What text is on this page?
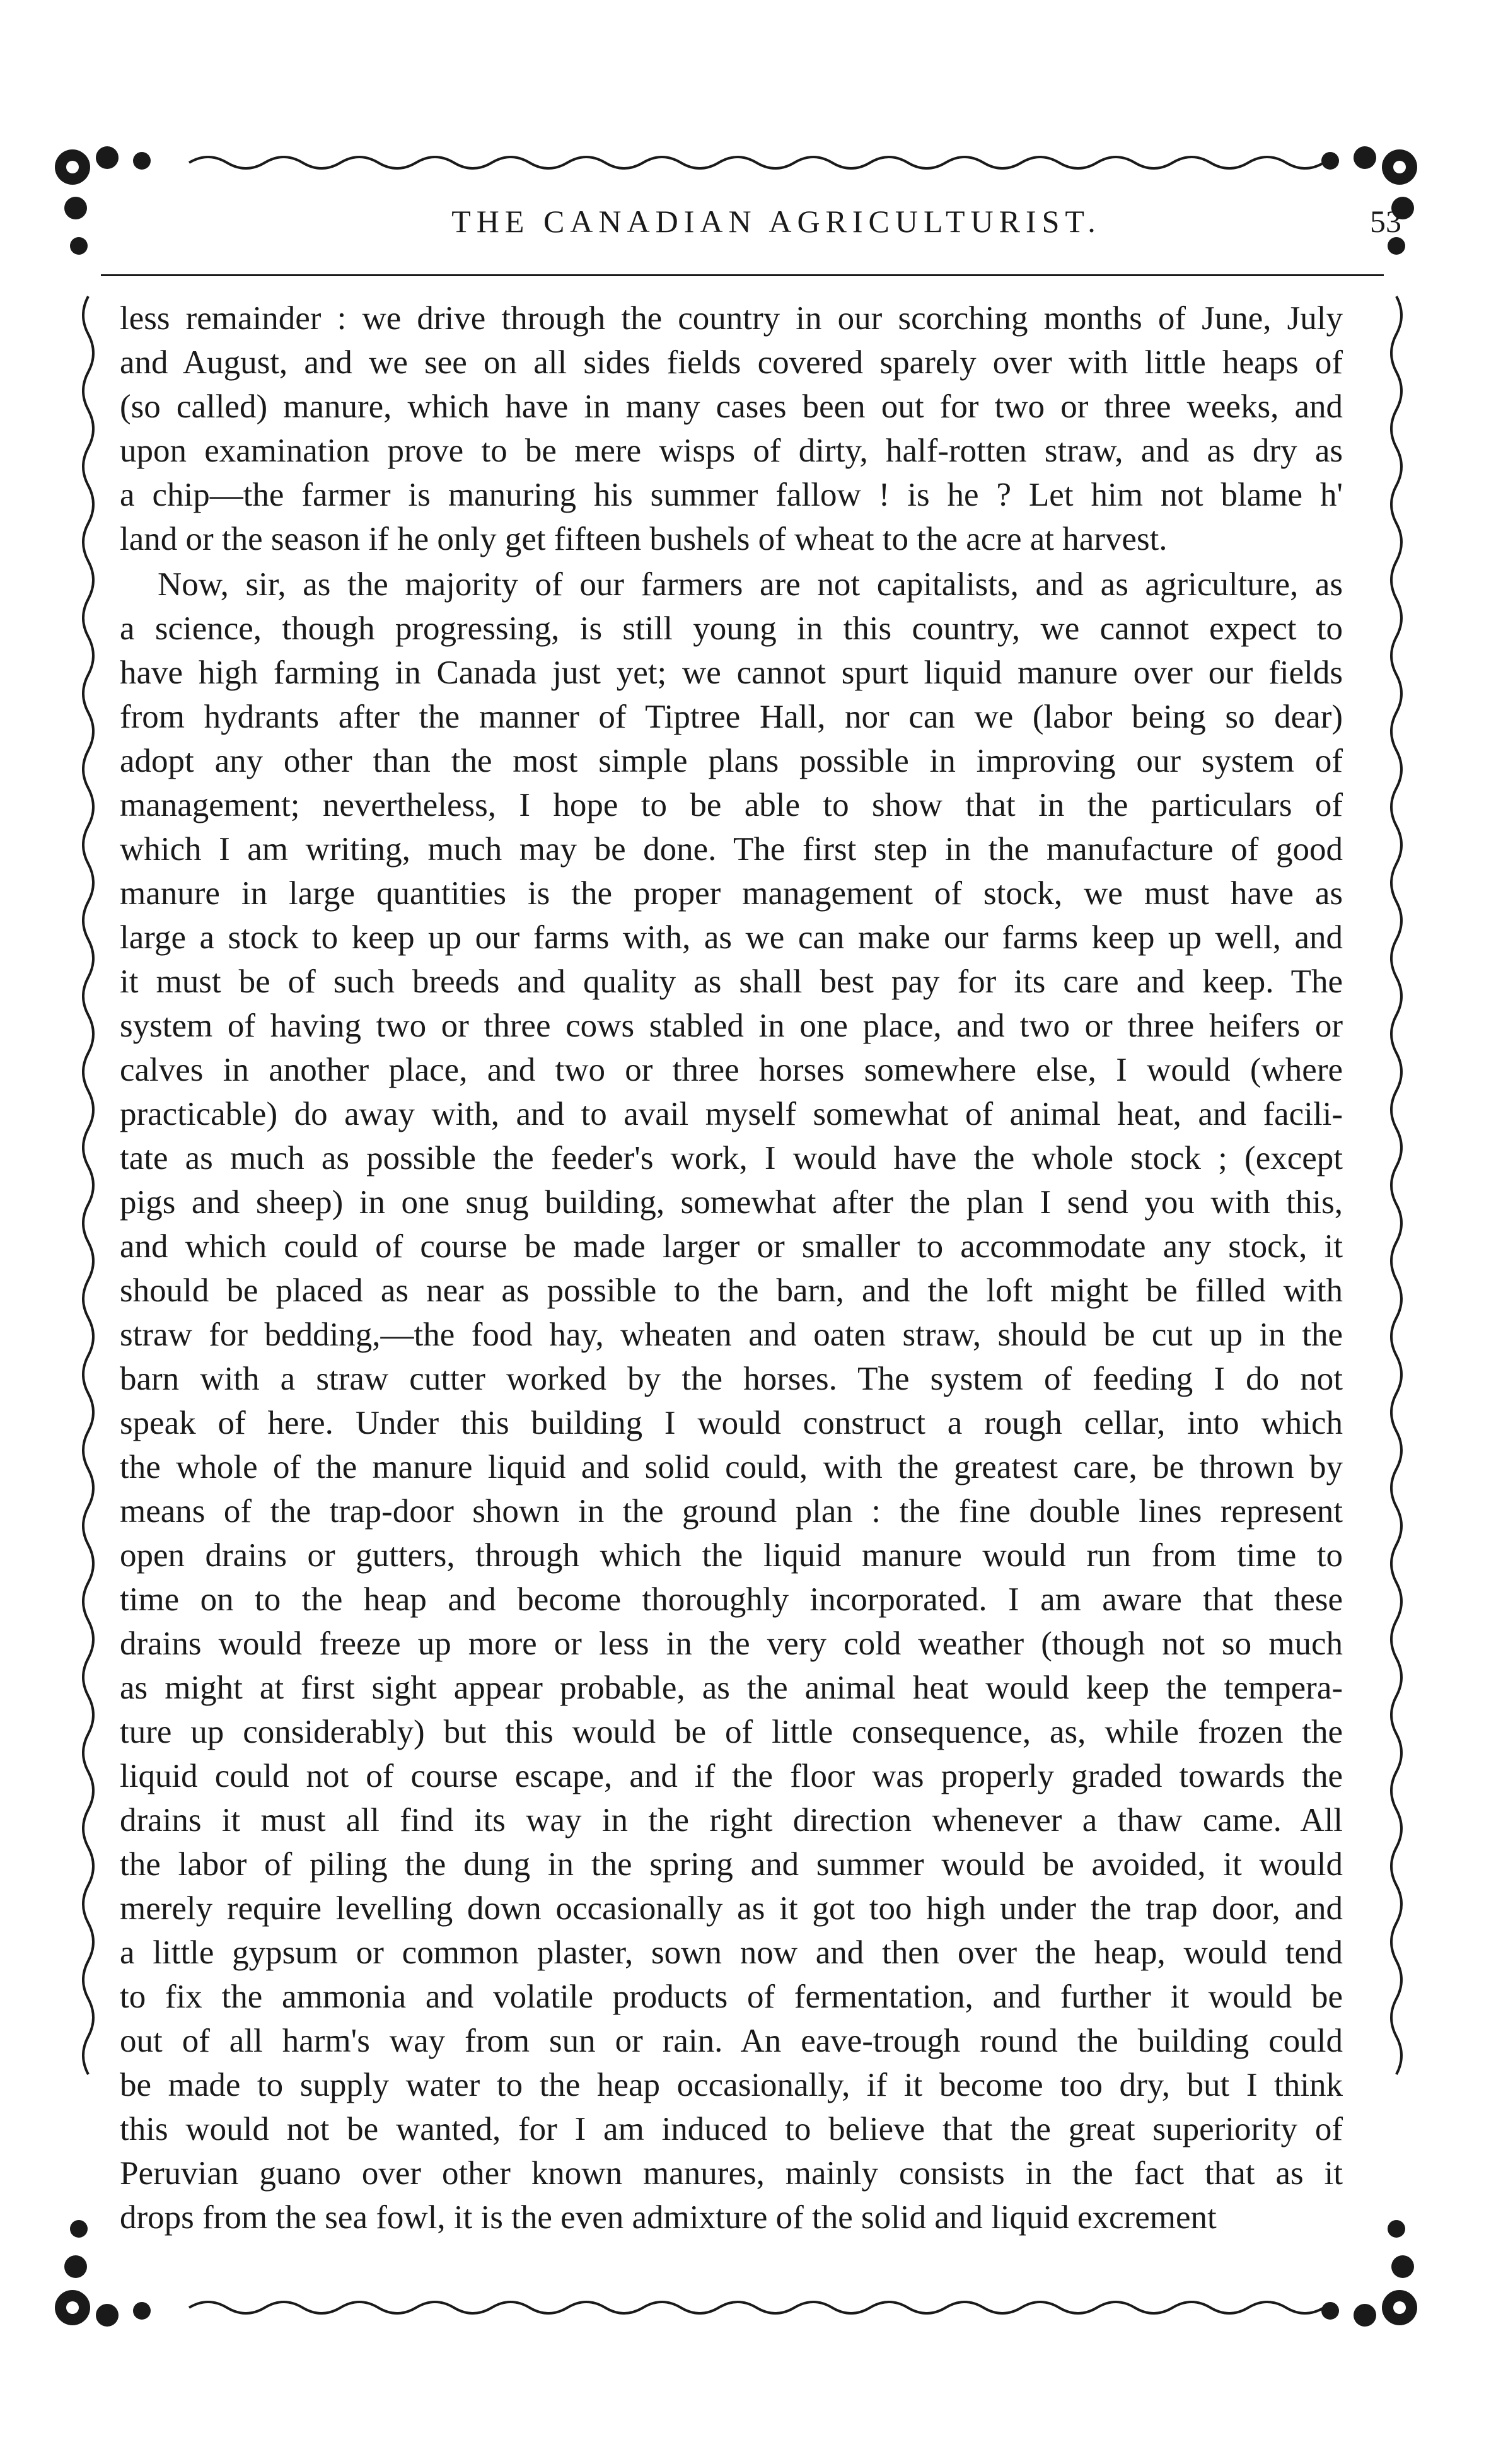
THE CANADIAN AGRICULTURIST.	53
less remainder : we drive through the country in our scorching months of June, July
and August, and we see on all sides fields covered sparely over with little heaps of
(so called) manure, which have in many cases been out for two or three weeks, and
upon examination prove to be mere wisps of dirty, half-rotten straw, and as dry as
a chip—the farmer is manuring his summer fallow ! is he ? Let him not blame h'
land or the season if he only get fifteen bushels of wheat to the acre at harvest.
Now, sir, as the majority of our farmers are not capitalists, and as agriculture, as
a science, though progressing, is still young in this country, we cannot expect to
have high farming in Canada just yet; we cannot spurt liquid manure over our fields
from hydrants after the manner of Tiptree Hall, nor can we (labor being so dear)
adopt any other than the most simple plans possible in improving our system of
management; nevertheless, I hope to be able to show that in the particulars of
which I am writing, much may be done. The first step in the manufacture of good
manure in large quantities is the proper management of stock, we must have as
large a stock to keep up our farms with, as we can make our farms keep up well, and
it must be of such breeds and quality as shall best pay for its care and keep. The
system of having two or three cows stabled in one place, and two or three heifers or
calves in another place, and two or three horses somewhere else, I would (where
practicable) do away with, and to avail myself somewhat of animal heat, and facili-
tate as much as possible the feeder's work, I would have the whole stock ; (except
pigs and sheep) in one snug building, somewhat after the plan I send you with this,
and which could of course be made larger or smaller to accommodate any stock, it
should be placed as near as possible to the barn, and the loft might be filled with
straw for bedding,—the food hay, wheaten and oaten straw, should be cut up in the
barn with a straw cutter worked by the horses. The system of feeding I do not
speak of here. Under this building I would construct a rough cellar, into which
the whole of the manure liquid and solid could, with the greatest care, be thrown by
means of the trap-door shown in the ground plan : the fine double lines represent
open drains or gutters, through which the liquid manure would run from time to
time on to the heap and become thoroughly incorporated. I am aware that these
drains would freeze up more or less in the very cold weather (though not so much
as might at first sight appear probable, as the animal heat would keep the tempera-
ture up considerably) but this would be of little consequence, as, while frozen the
liquid could not of course escape, and if the floor was properly graded towards the
drains it must all find its way in the right direction whenever a thaw came. All
the labor of piling the dung in the spring and summer would be avoided, it would
merely require levelling down occasionally as it got too high under the trap door, and
a little gypsum or common plaster, sown now and then over the heap, would tend
to fix the ammonia and volatile products of fermentation, and further it would be
out of all harm's way from sun or rain. An eave-trough round the building could
be made to supply water to the heap occasionally, if it become too dry, but I think
this would not be wanted, for I am induced to believe that the great superiority of
Peruvian guano over other known manures, mainly consists in the fact that as it
drops from the sea fowl, it is the even admixture of the solid and liquid excrement
